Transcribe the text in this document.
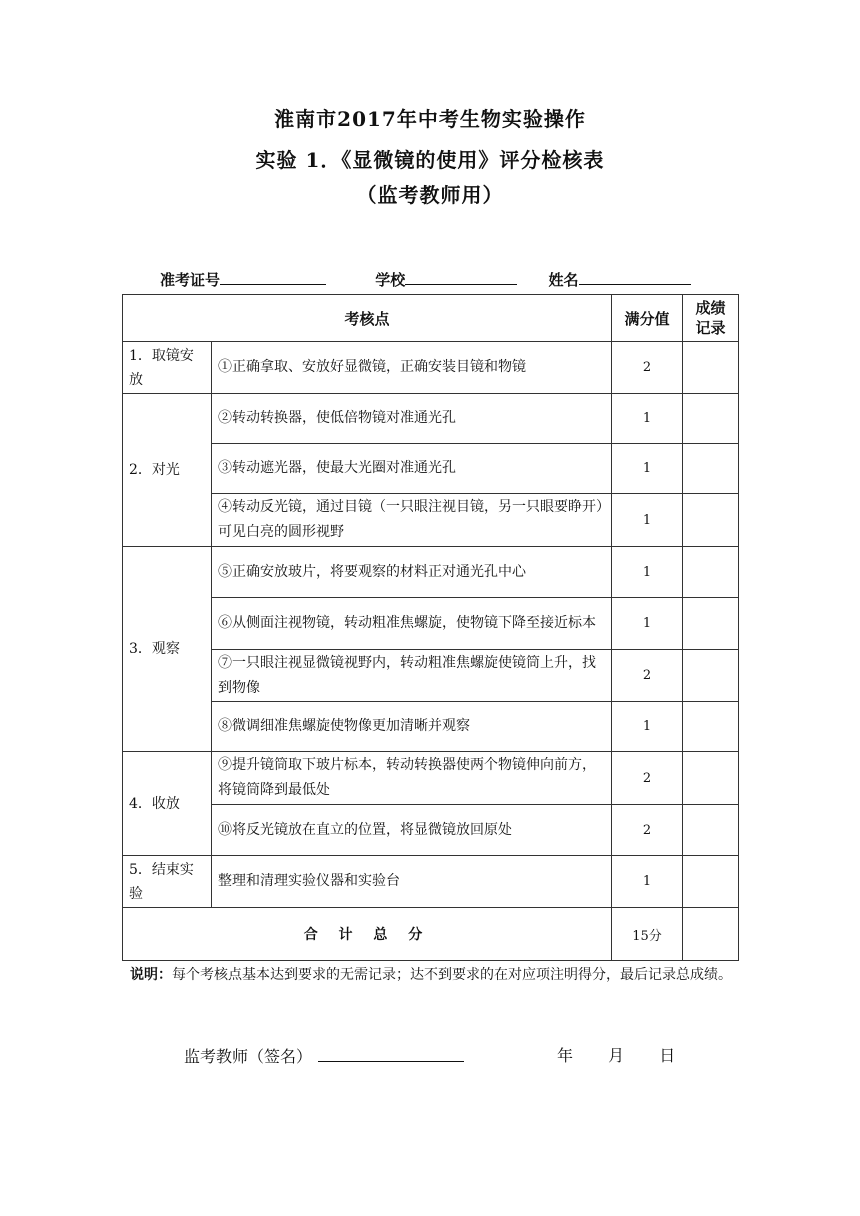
淮南市2017年中考生物实验操作
实验 1．《显微镜的使用》评分检核表
（监考教师用）
准考证号	学校	姓名
考核点		满分值	成绩记录
1．取镜安放	①正确拿取、安放好显微镜，正确安装目镜和物镜	2	
2．对光	②转动转换器，使低倍物镜对准通光孔	1	
	③转动遮光器，使最大光圈对准通光孔	1	
	④转动反光镜，通过目镜（一只眼注视目镜，另一只眼要睁开）可见白亮的圆形视野	1	
3．观察	⑤正确安放玻片，将要观察的材料正对通光孔中心	1	
	⑥从侧面注视物镜，转动粗准焦螺旋，使物镜下降至接近标本	1	
	⑦一只眼注视显微镜视野内，转动粗准焦螺旋使镜筒上升，找到物像	2	
	⑧微调细准焦螺旋使物像更加清晰并观察	1	
4．收放	⑨提升镜筒取下玻片标本，转动转换器使两个物镜伸向前方，将镜筒降到最低处	2	
	⑩将反光镜放在直立的位置，将显微镜放回原处	2	
5．结束实验	整理和清理实验仪器和实验台	1	
合 计 总 分		15分	
说明：每个考核点基本达到要求的无需记录；达不到要求的在对应项注明得分，最后记录总成绩。
监考教师（签名）	年 月 日
